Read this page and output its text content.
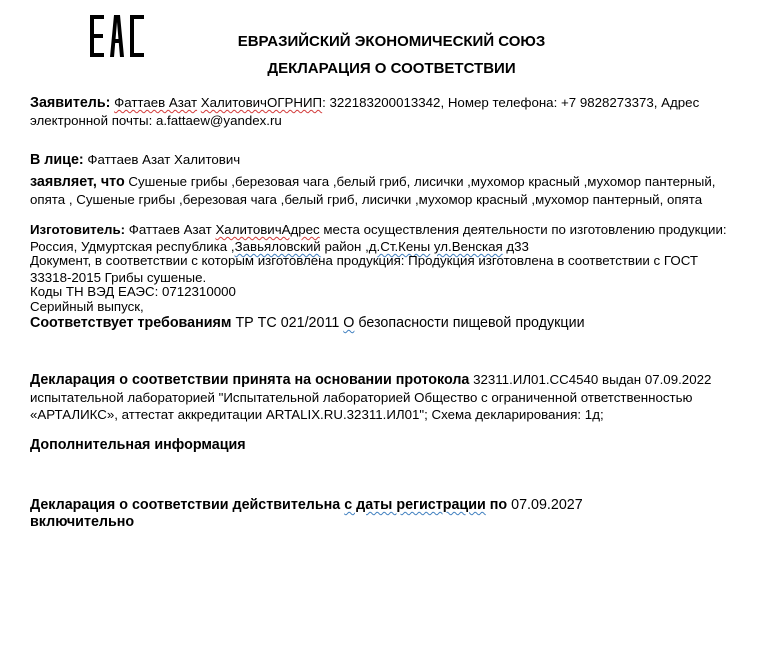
ЕВРАЗИЙСКИЙ ЭКОНОМИЧЕСКИЙ СОЮЗ
ДЕКЛАРАЦИЯ О СООТВЕТСТВИИ
Заявитель: Фаттаев Азат ХалитовичОГРНИП: 322183200013342, Номер телефона: +7 9828273373, Адрес электронной почты: a.fattaew@yandex.ru
В лице: Фаттаев Азат Халитович
заявляет, что Сушеные грибы ,березовая чага ,белый гриб, лисички ,мухомор красный ,мухомор пантерный, опята , Сушеные грибы ,березовая чага ,белый гриб, лисички ,мухомор красный ,мухомор пантерный, опята
Изготовитель: Фаттаев Азат ХалитовичАдрес места осуществления деятельности по изготовлению продукции: Россия, Удмуртская республика ,Завьяловский район ,д.Ст.Кены ул.Венская д33
Документ, в соответствии с которым изготовлена продукция: Продукция изготовлена в соответствии с ГОСТ 33318-2015 Грибы сушеные.
Коды ТН ВЭД ЕАЭС: 0712310000
Серийный выпуск,
Соответствует требованиям ТР ТС 021/2011 О безопасности пищевой продукции
Декларация о соответствии принята на основании протокола 32311.ИЛ01.СС4540 выдан 07.09.2022 испытательной лабораторией "Испытательной лабораторией Общество с ограниченной ответственностью «АРТАЛИКС», аттестат аккредитации ARTALIX.RU.32311.ИЛ01"; Схема декларирования: 1д;
Дополнительная информация
Декларация о соответствии действительна с даты регистрации по 07.09.2027
включительно
